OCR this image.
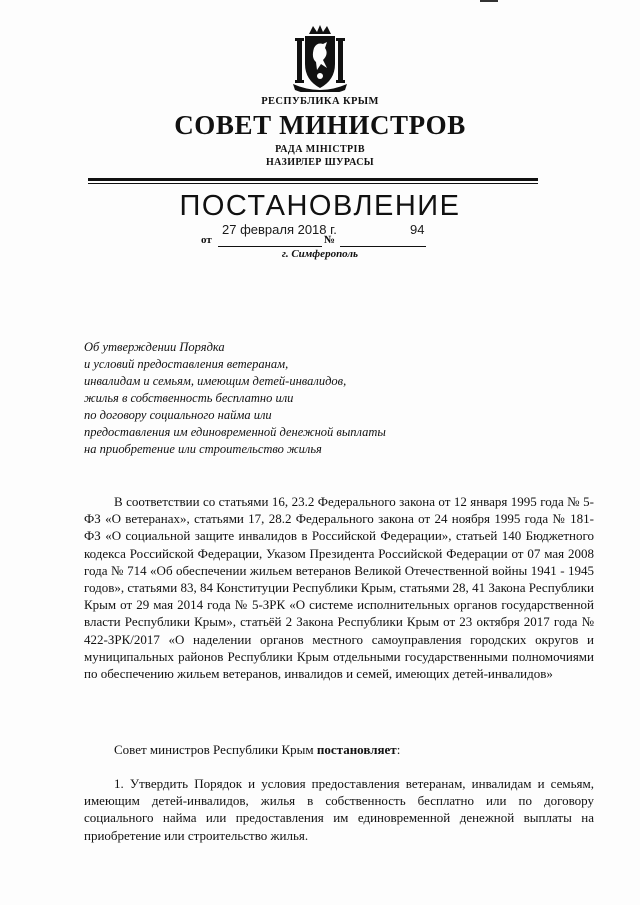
РЕСПУБЛИКА КРЫМ
СОВЕТ МИНИСТРОВ
РАДА МІНІСТРІВ
НАЗИРЛЕР ШУРАСЫ
ПОСТАНОВЛЕНИЕ
27 февраля 2018 г.	94
от	№
г. Симферополь
Об утверждении Порядка
и условий предоставления ветеранам,
инвалидам и семьям, имеющим детей-инвалидов,
жилья в собственность бесплатно или
по договору социального найма или
предоставления им единовременной денежной выплаты
на приобретение или строительство жилья
В соответствии со статьями 16, 23.2 Федерального закона от 12 января 1995 года № 5-ФЗ «О ветеранах», статьями 17, 28.2 Федерального закона от 24 ноября 1995 года № 181-ФЗ «О социальной защите инвалидов в Российской Федерации», статьей 140 Бюджетного кодекса Российской Федерации, Указом Президента Российской Федерации от 07 мая 2008 года № 714 «Об обеспечении жильем ветеранов Великой Отечественной войны 1941 - 1945 годов», статьями 83, 84 Конституции Республики Крым, статьями 28, 41 Закона Республики Крым от 29 мая 2014 года № 5-ЗРК «О системе исполнительных органов государственной власти Республики Крым», статьёй 2 Закона Республики Крым от 23 октября 2017 года № 422-ЗРК/2017 «О наделении органов местного самоуправления городских округов и муниципальных районов Республики Крым отдельными государственными полномочиями по обеспечению жильем ветеранов, инвалидов и семей, имеющих детей-инвалидов»
Совет министров Республики Крым постановляет:
1. Утвердить Порядок и условия предоставления ветеранам, инвалидам и семьям, имеющим детей-инвалидов, жилья в собственность бесплатно или по договору социального найма или предоставления им единовременной денежной выплаты на приобретение или строительство жилья.
